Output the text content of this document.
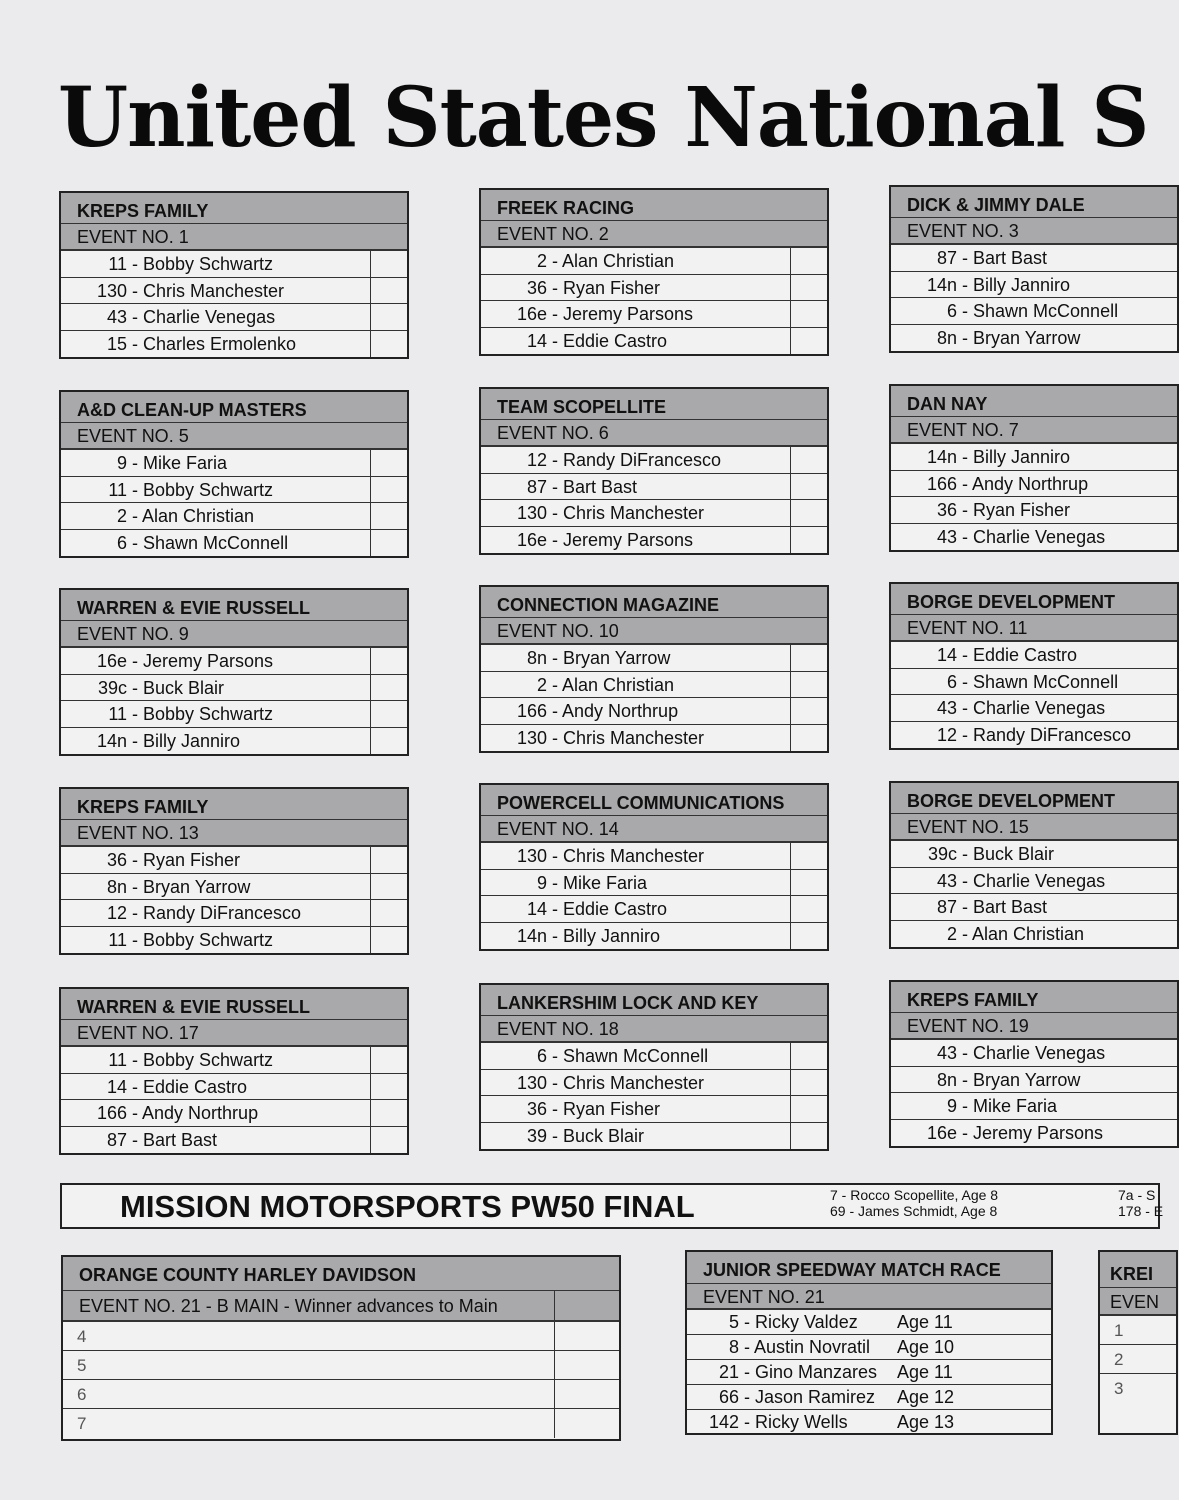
United States National S
KREPS FAMILY
EVENT NO. 1
11 - Bobby Schwartz
130 - Chris Manchester
43 - Charlie Venegas
15 - Charles Ermolenko
FREEK RACING
EVENT NO. 2
2 - Alan Christian
36 - Ryan Fisher
16e - Jeremy Parsons
14 - Eddie Castro
DICK & JIMMY DALE
EVENT NO. 3
87 - Bart Bast
14n - Billy Janniro
6 - Shawn McConnell
8n - Bryan Yarrow
A&D CLEAN-UP MASTERS
EVENT NO. 5
9 - Mike Faria
11 - Bobby Schwartz
2 - Alan Christian
6 - Shawn McConnell
TEAM SCOPELLITE
EVENT NO. 6
12 - Randy DiFrancesco
87 - Bart Bast
130 - Chris Manchester
16e - Jeremy Parsons
DAN NAY
EVENT NO. 7
14n - Billy Janniro
166 - Andy Northrup
36 - Ryan Fisher
43 - Charlie Venegas
WARREN & EVIE RUSSELL
EVENT NO. 9
16e - Jeremy Parsons
39c - Buck Blair
11 - Bobby Schwartz
14n - Billy Janniro
CONNECTION MAGAZINE
EVENT NO. 10
8n - Bryan Yarrow
2 - Alan Christian
166 - Andy Northrup
130 - Chris Manchester
BORGE DEVELOPMENT
EVENT NO. 11
14 - Eddie Castro
6 - Shawn McConnell
43 - Charlie Venegas
12 - Randy DiFrancesco
KREPS FAMILY
EVENT NO. 13
36 - Ryan Fisher
8n - Bryan Yarrow
12 - Randy DiFrancesco
11 - Bobby Schwartz
POWERCELL COMMUNICATIONS
EVENT NO. 14
130 - Chris Manchester
9 - Mike Faria
14 - Eddie Castro
14n - Billy Janniro
BORGE DEVELOPMENT
EVENT NO. 15
39c - Buck Blair
43 - Charlie Venegas
87 - Bart Bast
2 - Alan Christian
WARREN & EVIE RUSSELL
EVENT NO. 17
11 - Bobby Schwartz
14 - Eddie Castro
166 - Andy Northrup
87 - Bart Bast
LANKERSHIM LOCK AND KEY
EVENT NO. 18
6 - Shawn McConnell
130 - Chris Manchester
36 - Ryan Fisher
39 - Buck Blair
KREPS FAMILY
EVENT NO. 19
43 - Charlie Venegas
8n - Bryan Yarrow
9 - Mike Faria
16e - Jeremy Parsons
MISSION MOTORSPORTS PW50 FINAL	7 - Rocco Scopellite, Age 8
69 - James Schmidt, Age 8
7a - S
178 - E
ORANGE COUNTY HARLEY DAVIDSON
EVENT NO. 21 - B MAIN - Winner advances to Main
4
5
6
7
JUNIOR SPEEDWAY MATCH RACE
EVENT NO. 21
5 - Ricky Valdez Age 11
8 - Austin Novratil Age 10
21 - Gino Manzares Age 11
66 - Jason Ramirez Age 12
142 - Ricky Wells	Age 13
KREI
EVEN
1
2
3
